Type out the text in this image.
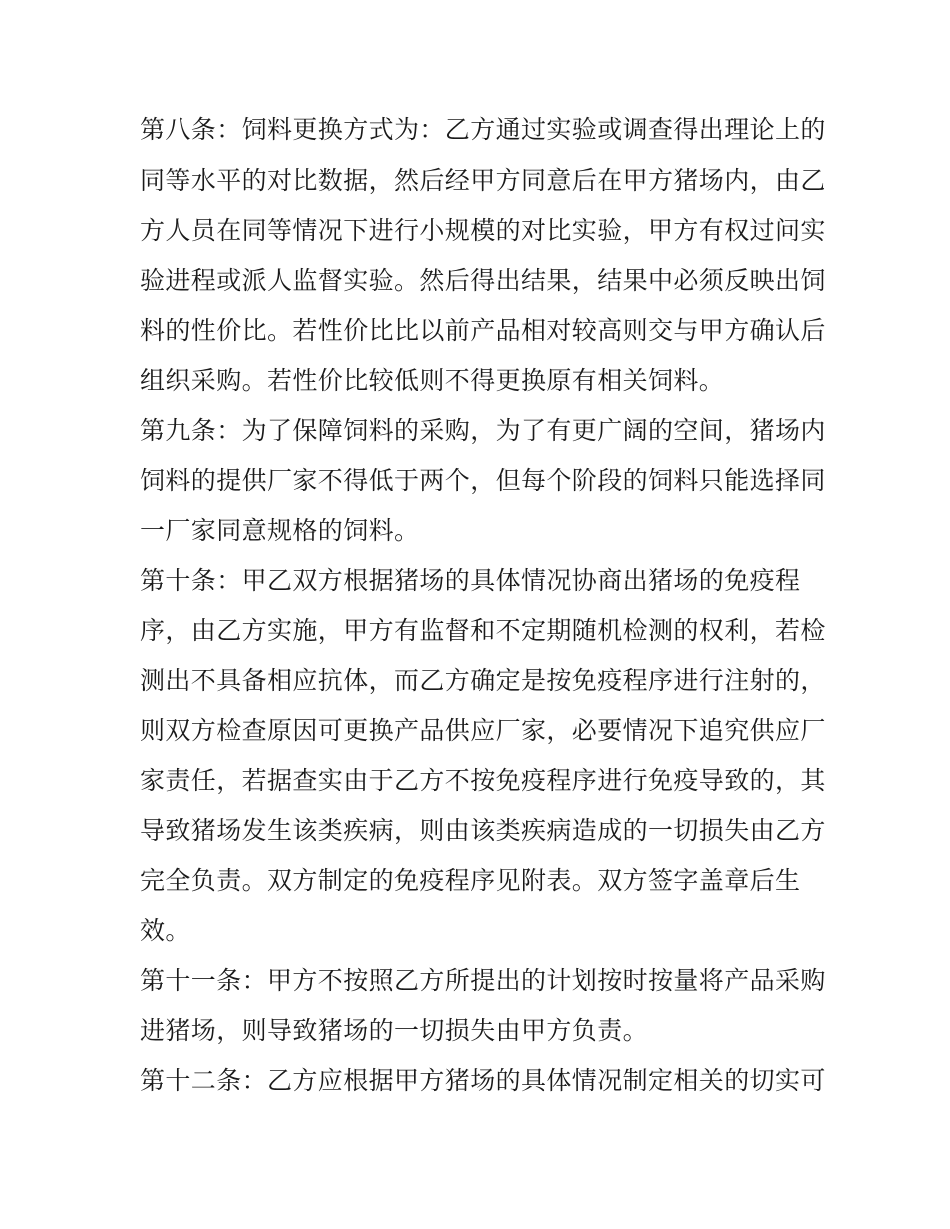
第八条：饲料更换方式为：乙方通过实验或调查得出理论上的
同等水平的对比数据，然后经甲方同意后在甲方猪场内，由乙
方人员在同等情况下进行小规模的对比实验，甲方有权过问实
验进程或派人监督实验。然后得出结果，结果中必须反映出饲
料的性价比。若性价比比以前产品相对较高则交与甲方确认后
组织采购。若性价比较低则不得更换原有相关饲料。
第九条：为了保障饲料的采购，为了有更广阔的空间，猪场内
饲料的提供厂家不得低于两个，但每个阶段的饲料只能选择同
一厂家同意规格的饲料。
第十条：甲乙双方根据猪场的具体情况协商出猪场的免疫程
序，由乙方实施，甲方有监督和不定期随机检测的权利，若检
测出不具备相应抗体，而乙方确定是按免疫程序进行注射的，
则双方检查原因可更换产品供应厂家，必要情况下追究供应厂
家责任，若据查实由于乙方不按免疫程序进行免疫导致的，其
导致猪场发生该类疾病，则由该类疾病造成的一切损失由乙方
完全负责。双方制定的免疫程序见附表。双方签字盖章后生
效。
第十一条：甲方不按照乙方所提出的计划按时按量将产品采购
进猪场，则导致猪场的一切损失由甲方负责。
第十二条：乙方应根据甲方猪场的具体情况制定相关的切实可
